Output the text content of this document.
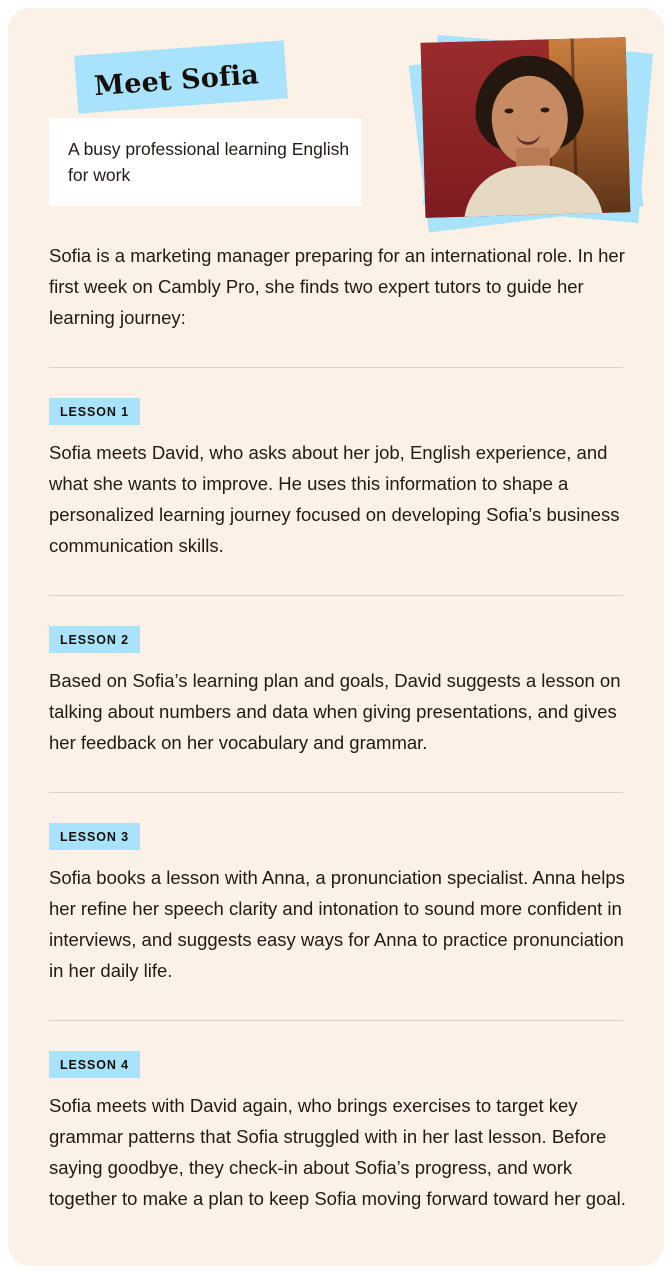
Meet Sofia
A busy professional learning English for work

Sofia is a marketing manager preparing for an international role. In her first week on Cambly Pro, she finds two expert tutors to guide her learning journey:

LESSON 1

Sofia meets David, who asks about her job, English experience, and what she wants to improve. He uses this information to shape a personalized learning journey focused on developing Sofia’s business communication skills.

LESSON 2

Based on Sofia’s learning plan and goals, David suggests a lesson on talking about numbers and data when giving presentations, and gives her feedback on her vocabulary and grammar.

LESSON 3

Sofia books a lesson with Anna, a pronunciation specialist. Anna helps her refine her speech clarity and intonation to sound more confident in interviews, and suggests easy ways for Anna to practice pronunciation in her daily life.

LESSON 4

Sofia meets with David again, who brings exercises to target key grammar patterns that Sofia struggled with in her last lesson. Before saying goodbye, they check-in about Sofia’s progress, and work together to make a plan to keep Sofia moving forward toward her goal.
